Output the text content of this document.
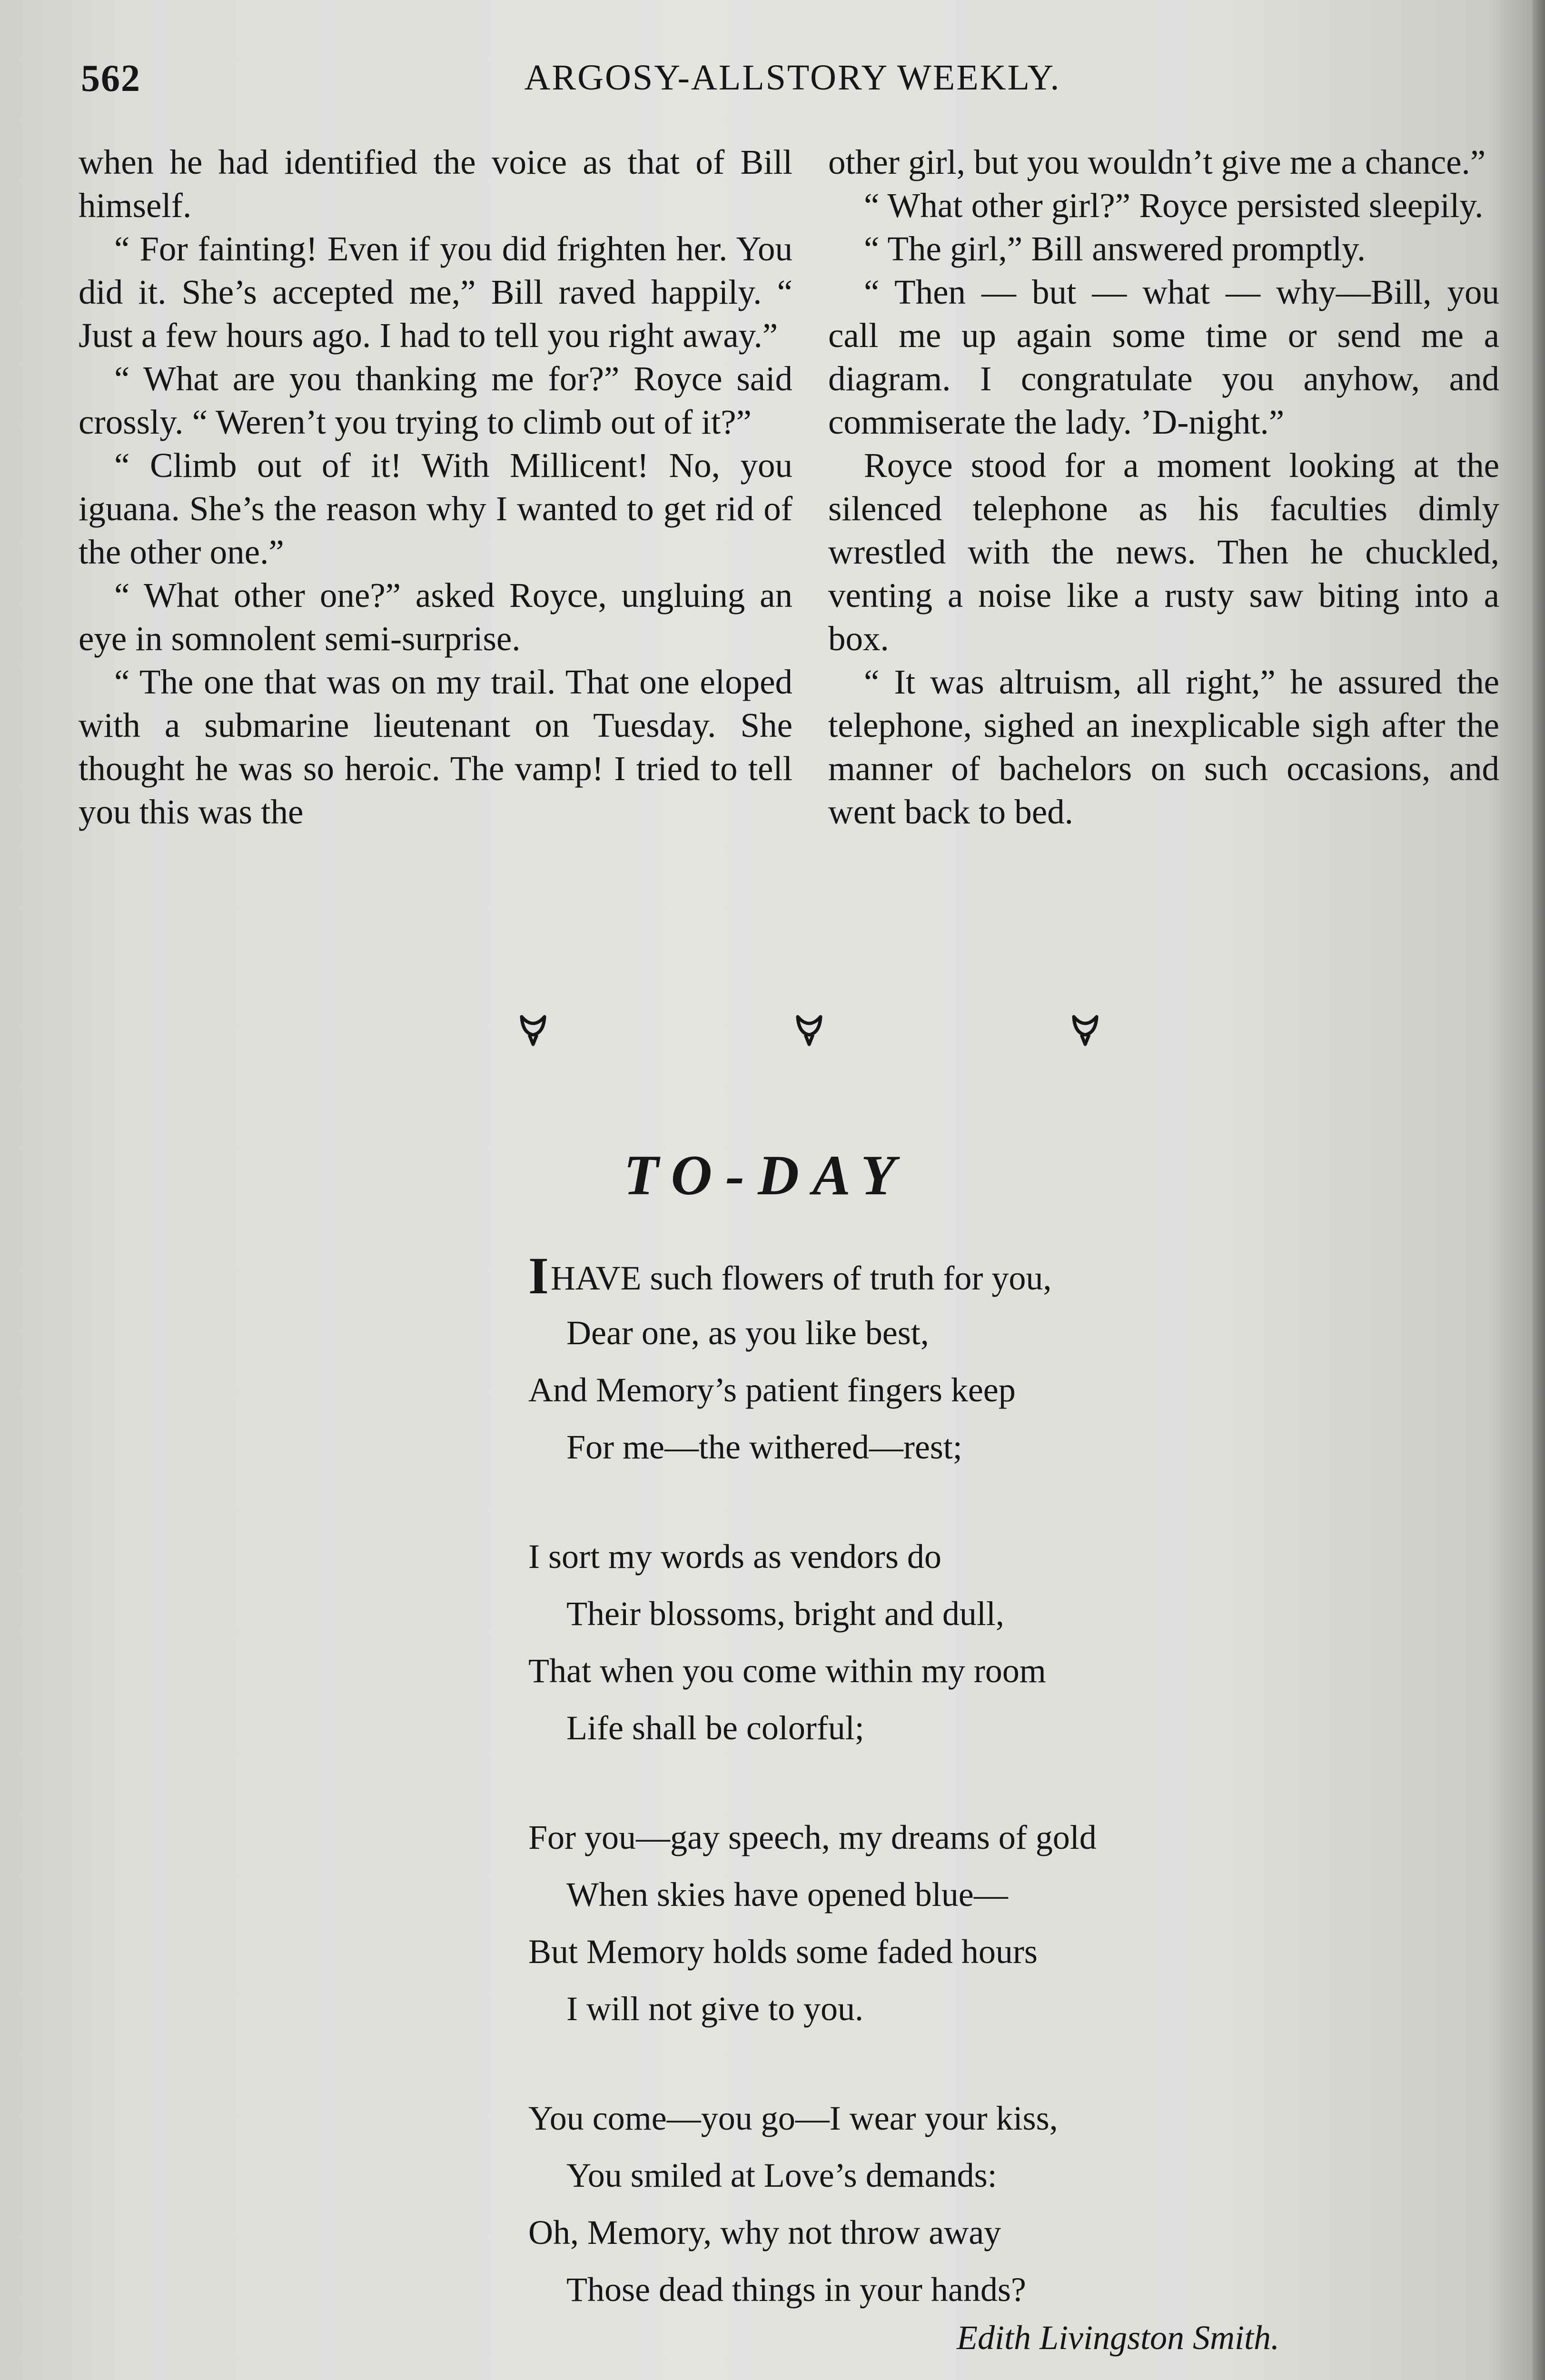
562	ARGOSY-ALLSTORY WEEKLY.

when he had identified the voice as that of Bill himself.

“ For fainting! Even if you did frighten her. You did it. She’s accepted me,” Bill raved happily. “ Just a few hours ago. I had to tell you right away.”

“ What are you thanking me for?” Royce said crossly. “ Weren’t you trying to climb out of it?”

“ Climb out of it! With Millicent! No, you iguana. She’s the reason why I wanted to get rid of the other one.”

“ What other one?” asked Royce, ungluing an eye in somnolent semi-surprise.

“ The one that was on my trail. That one eloped with a submarine lieutenant on Tuesday. She thought he was so heroic. The vamp! I tried to tell you this was the

other girl, but you wouldn’t give me a chance.”

“ What other girl?” Royce persisted sleepily.

“ The girl,” Bill answered promptly.

“ Then — but — what — why—Bill, you call me up again some time or send me a diagram. I congratulate you anyhow, and commiserate the lady. ’D-night.”

Royce stood for a moment looking at the silenced telephone as his faculties dimly wrestled with the news. Then he chuckled, venting a noise like a rusty saw biting into a box.

“ It was altruism, all right,” he assured the telephone, sighed an inexplicable sigh after the manner of bachelors on such occasions, and went back to bed.

TO-DAY
IHAVE such flowers of truth for you,
Dear one, as you like best,
And Memory’s patient fingers keep
For me—the withered—rest;
I sort my words as vendors do
Their blossoms, bright and dull,
That when you come within my room
Life shall be colorful;
For you—gay speech, my dreams of gold
When skies have opened blue—
But Memory holds some faded hours
I will not give to you.
You come—you go—I wear your kiss,
You smiled at Love’s demands:
Oh, Memory, why not throw away
Those dead things in your hands?
Edith Livingston Smith.
